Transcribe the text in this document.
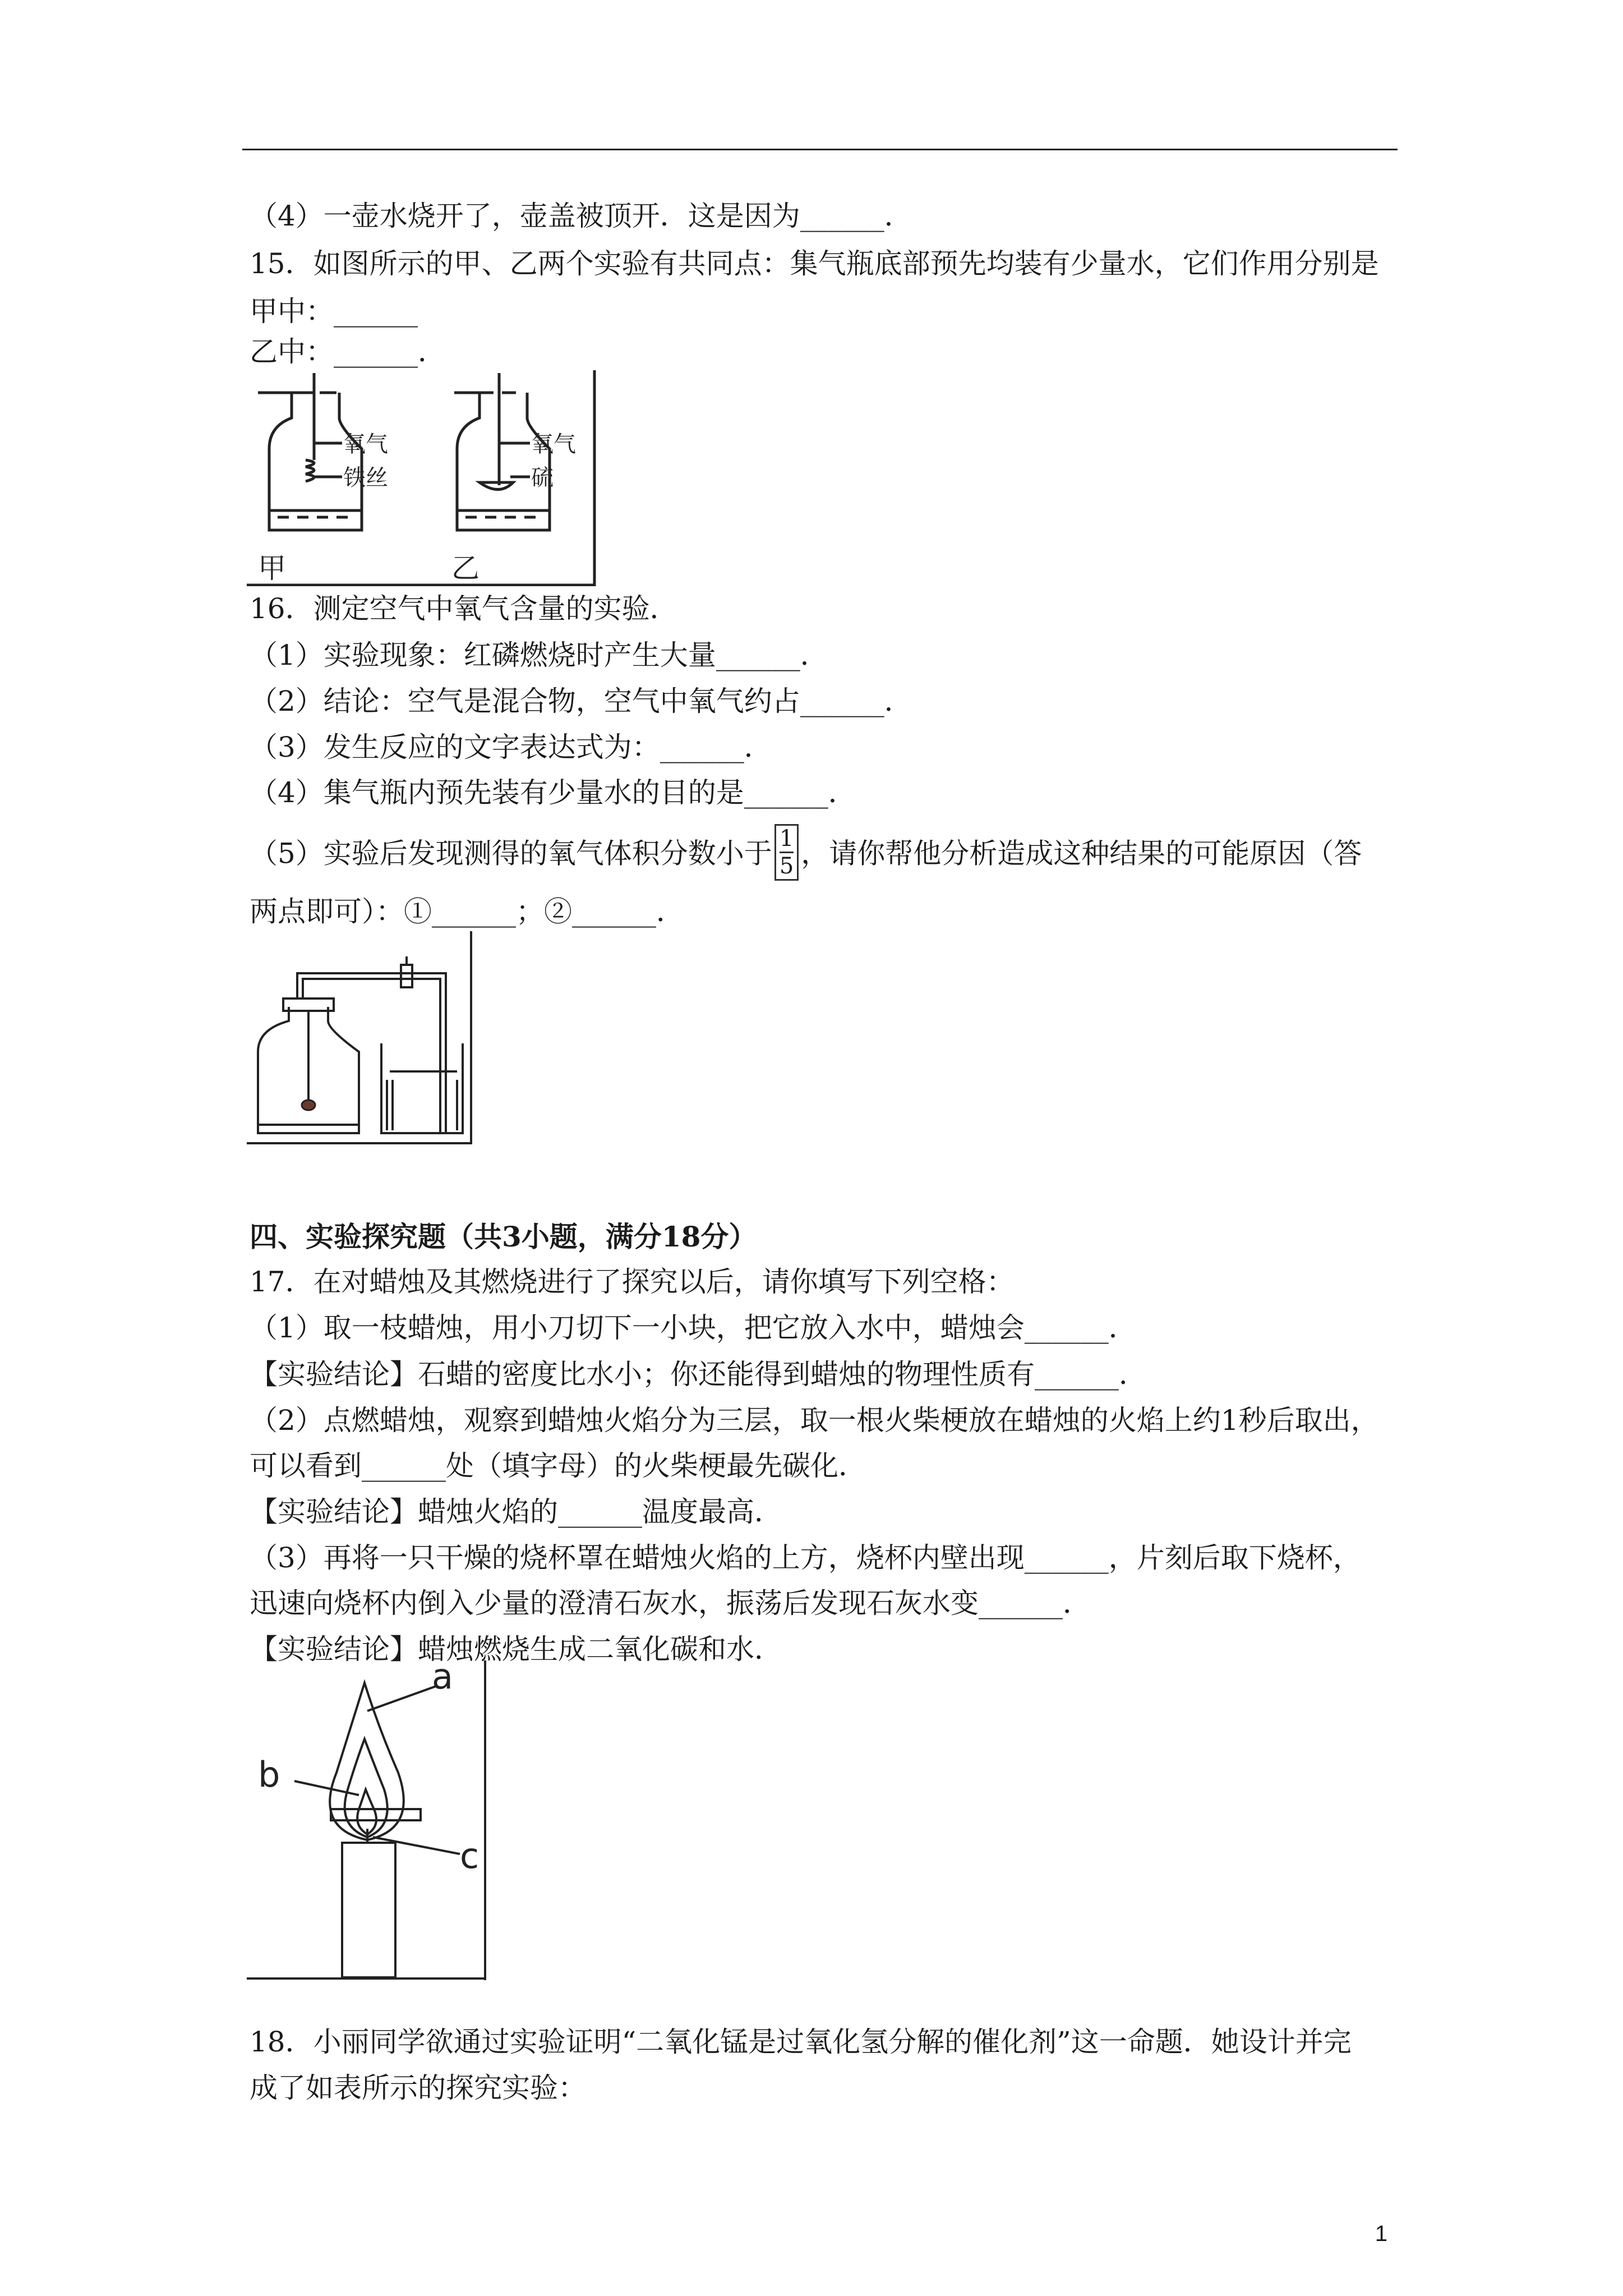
（4）一壶水烧开了，壶盖被顶开．这是因为______．
15．如图所示的甲、乙两个实验有共同点：集气瓶底部预先均装有少量水，它们作用分别是
甲中：______
乙中：______．
氧气
铁丝
甲
氧气
硫
乙
16．测定空气中氧气含量的实验．
（1）实验现象：红磷燃烧时产生大量______．
（2）结论：空气是混合物，空气中氧气约占______．
（3）发生反应的文字表达式为：______．
（4）集气瓶内预先装有少量水的目的是______．
（5）实验后发现测得的氧气体积分数小于 $\frac{1}{5}$ ，请你帮他分析造成这种结果的可能原因（答
两点即可）：①______；②______．
四、实验探究题（共3小题，满分18分）
17．在对蜡烛及其燃烧进行了探究以后，请你填写下列空格：
（1）取一枝蜡烛，用小刀切下一小块，把它放入水中，蜡烛会______．
【实验结论】石蜡的密度比水小；你还能得到蜡烛的物理性质有______．
（2）点燃蜡烛，观察到蜡烛火焰分为三层，取一根火柴梗放在蜡烛的火焰上约1秒后取出，
可以看到______处（填字母）的火柴梗最先碳化．
【实验结论】蜡烛火焰的______温度最高．
（3）再将一只干燥的烧杯罩在蜡烛火焰的上方，烧杯内壁出现______，片刻后取下烧杯，
迅速向烧杯内倒入少量的澄清石灰水，振荡后发现石灰水变______．
【实验结论】蜡烛燃烧生成二氧化碳和水．
a
b
c
18．小丽同学欲通过实验证明“二氧化锰是过氧化氢分解的催化剂”这一命题．她设计并完
成了如表所示的探究实验：
1
